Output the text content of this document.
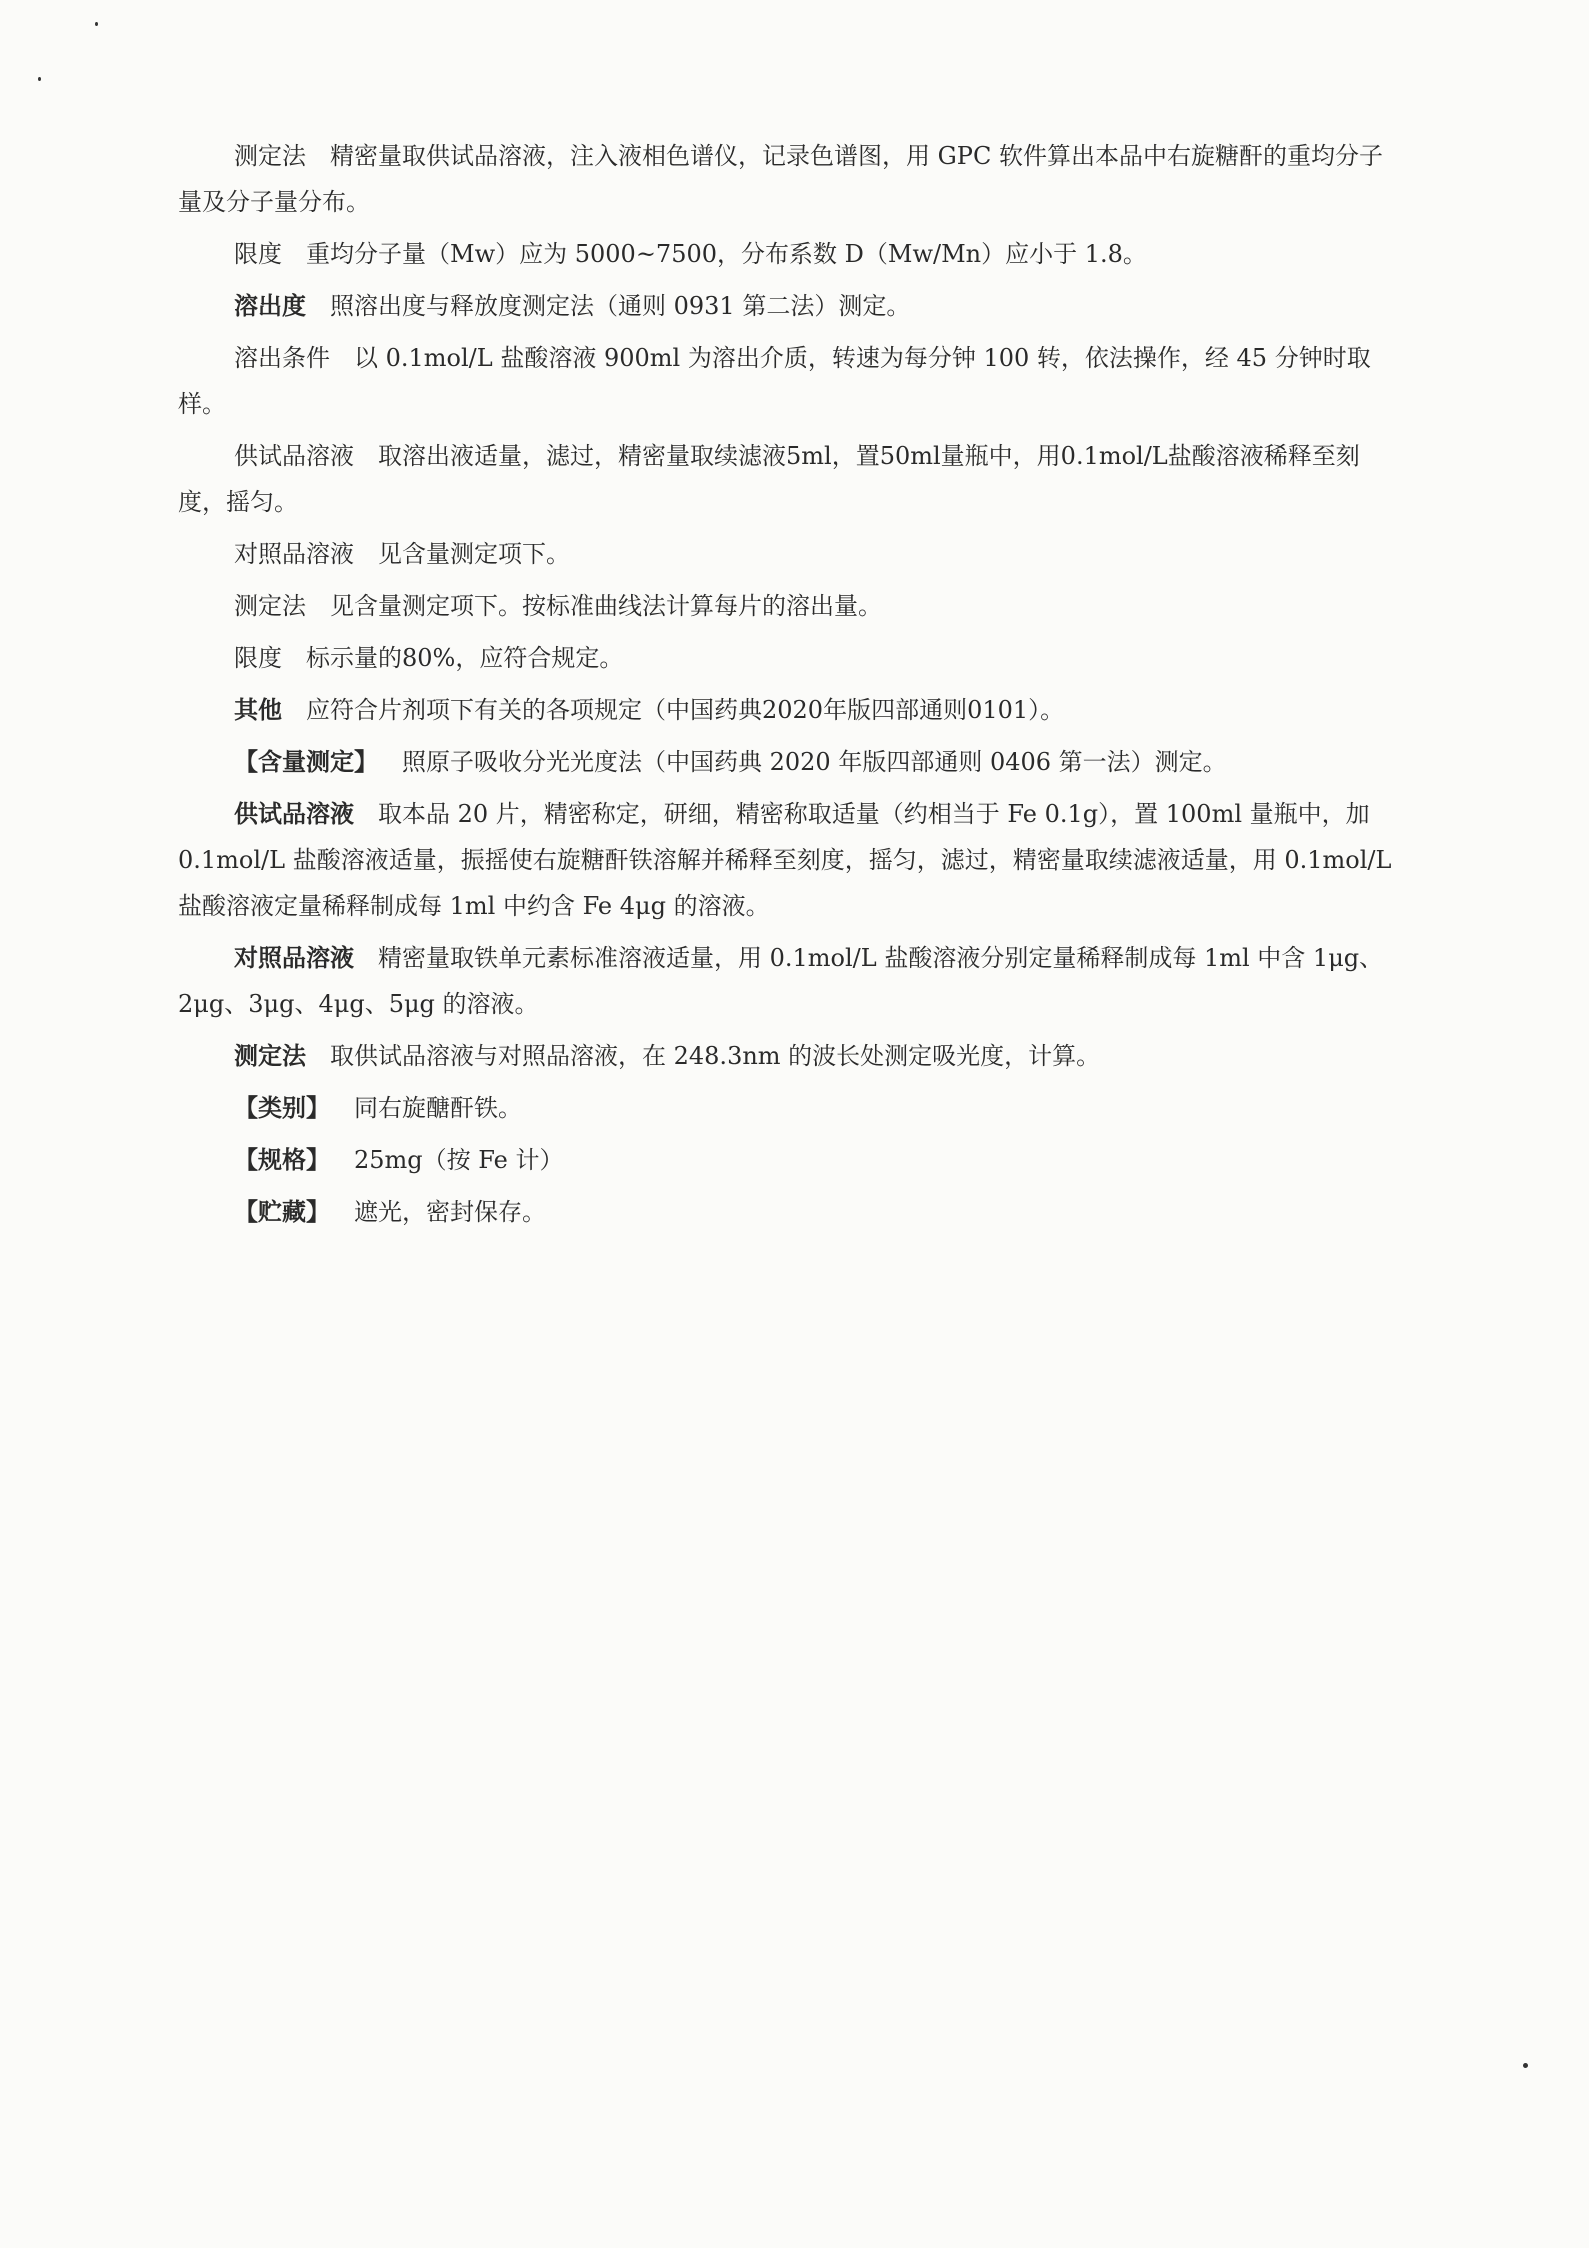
测定法  精密量取供试品溶液，注入液相色谱仪，记录色谱图，用 GPC 软件算出本品中右旋糖酐的重均分子量及分子量分布。

限度  重均分子量（Mw）应为 5000~7500，分布系数 D（Mw/Mn）应小于 1.8。

溶出度  照溶出度与释放度测定法（通则 0931 第二法）测定。

溶出条件  以 0.1mol/L 盐酸溶液 900ml 为溶出介质，转速为每分钟 100 转，依法操作，经 45 分钟时取样。

供试品溶液  取溶出液适量，滤过，精密量取续滤液5ml，置50ml量瓶中，用0.1mol/L盐酸溶液稀释至刻度，摇匀。

对照品溶液  见含量测定项下。

测定法  见含量测定项下。按标准曲线法计算每片的溶出量。

限度  标示量的80%，应符合规定。

其他  应符合片剂项下有关的各项规定（中国药典2020年版四部通则0101）。

【含量测定】  照原子吸收分光光度法（中国药典 2020 年版四部通则 0406 第一法）测定。

供试品溶液  取本品 20 片，精密称定，研细，精密称取适量（约相当于 Fe 0.1g），置 100ml 量瓶中，加 0.1mol/L 盐酸溶液适量，振摇使右旋糖酐铁溶解并稀释至刻度，摇匀，滤过，精密量取续滤液适量，用 0.1mol/L 盐酸溶液定量稀释制成每 1ml 中约含 Fe 4μg 的溶液。

对照品溶液  精密量取铁单元素标准溶液适量，用 0.1mol/L 盐酸溶液分别定量稀释制成每 1ml 中含 1μg、2μg、3μg、4μg、5μg 的溶液。

测定法  取供试品溶液与对照品溶液，在 248.3nm 的波长处测定吸光度，计算。

【类别】  同右旋醣酐铁。

【规格】  25mg（按 Fe 计）

【贮藏】  遮光，密封保存。
